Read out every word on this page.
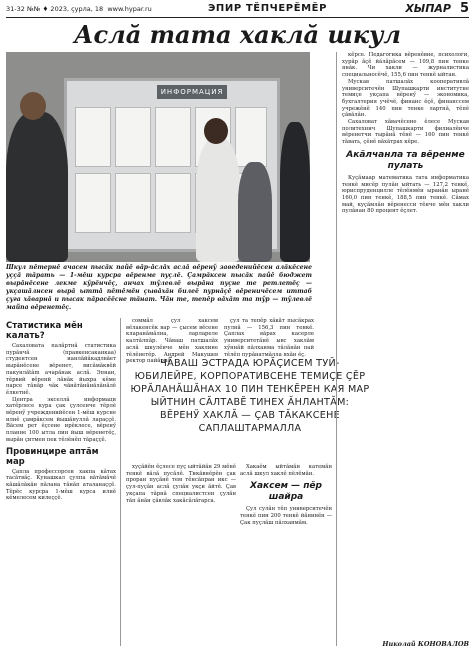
31-32 №№ ♦ 2023, çурла, 18 www.hypar.ru	ЭПИР ТĔПЧЕРĔМĔР	ХЫПАР 5
Аслă тата хаклă шкул
ИНФОРМАЦИЯ
Шкул пĕтернĕ ачасен пысăк пайĕ вăр-ăслăх аслă вĕренӳ заведенийĕсен алăкĕсене уççă тăрать — 1-мĕш курсра вĕренме пуçлĕ. Çамрăксен пысăк пайĕ бюджет вырăнĕсене лекме кӳрĕнчĕç, анчах тӳлевлĕ вырăна пуçне те ретлетĕç — укçашăлнсен вырă ыттă пĕтĕмĕн çывăхăн билеĕ пурнăçĕ вĕреничĕсем иттаб çуга хăварнă и пысак пăрасĕĕсне тăнат. Чăн те, тепĕр вăхăт та тӳр — тӳлевлĕ майпа вĕренетĕç.
Статистика мĕн калать?

Сахаловата палăртнă статистика пурăнчă (правкенсаканкаа) студентсен ианлăйăкадлвăет вырăнĕсене вĕренет, висăмăквĕй пакунлătăm ачарăнак аслă. Эпнан, тĕрвий вĕренй лăнăк йыхра кĕме парсе тăнăр чăк чăнăтăнăнăлăнăлĕ ĕлкетнĕ.

Центра экселлă информаци хатĕрлесе кура çак çулсенче тĕрлĕ вĕренӳ учрежденийĕсен 1-мĕш курсне илнĕ çамрăксем йышăнуллă лараççĕ. Вăсем рет ĕçсене ирĕклесе, вĕренӳ планне 100 ытла пин йыш вĕренетĕç, вырăн çитмен пек тĕлĕнĕп тăраççĕ.

Провинцире аптăм мар

Çапла профессорсен хакпа кăтах тасăтвăç. Кунашкал çулпа вăтăмăчĕ кăшăлăкăн пăлана тăнăп аталанаççĕ. Тĕрĕс курсра 1-мĕш курса илнĕ кĕмелесем килеççĕ.

соммăл çул хаксем вĕлакенсĕк вар — çысем вĕсене кларанăмăлна, ларлареле калтăлпăр. Чăваш патшалăх аслă шкулĕнче мĕн хаклине тĕлĕнетĕр. Андрей Макушев ректор пайăрнă.

çул та тепĕр хăкăт пысăкрах пулнă — 156,3 пин тенкĕ. Çаплах вăрах касерле университетăнĕ ывс хаклăм хӳннăй пăлханма тăлăнăн пай тĕлĕп пурăнатмăлла яхăн ĕç.

ЧĂВАШ ЭСТРАДА ЮРĂÇИСЕМ ТУЙ-ЮБИЛЕЙРЕ, КОРПОРАТИВСЕНЕ ТЕМИÇЕ ÇĔР ЮРĂЛАНĂШĂНАХ 10 ПИН ТЕНКĔРЕН КАЯ МАР ЫЙТНИН СĂЛТАВĔ ТИНЕХ ĂНЛАНТĂМ: ВĔРЕНӲ ХАКЛĂ — ÇАВ ТĂКАКСЕНЕ САПЛАШТАРМАЛЛА

хуçăйĕн ĕçлесе пуç ыйтăйăн 29 мĕнĕ тенкĕ вăлă пусăлĕ. Тикăвнĕрĕн çак проран пуçăнĕ тем тĕнсăпран икс — çул-пуçăн аслă çулăн укçи ăйтĕ. Çав укçапа тăрнă специалистсен çулăн тăп ăнăн çăвлăк хакăсăлăгарса.

Хакаĕм ыйтăмăн катемăн аслă шкул хаклĕ пĕлĕмăн.

Хаксем — пĕр шайра

Çул сулăн тĕп университечĕн тенкĕ пин 200 тенкĕ йăнинĕн — Çак пуçлăш пăлханмăм.

кĕрсе. Педагогика вĕренĕвне, психологи, хурăр ăçĕ йăлăрăсем — 109,8 пин тенке янăк. Чи хакли — журналистика специальносĕчĕ, 155,6 пин тенкĕ ыйтан.

Мускав патшалăх кооперативлă университечĕн Шупашкарти институтне темиçе укçапа вĕренӳ — экономика, бухгалтерия учĕчĕ, финанс ĕçĕ, финанссем учрежĕнĕ 140 пин тенке лартнă, тĕпĕ çăвăлăн.

Сахаловат хăвачĕсене ĕлесе Мускав политехнич Шупашкарти филиалĕнче вĕренетчи тырăнă тĕнĕ — 160 пин тенкĕ тăвать, çĕнĕ вăхăтрах кĕре.

Акăлчанла та вĕренме пулать

Куçăмаар математика тата информатика тенкĕ мисĕр пулăн ыйтать — 127,2 тенкĕ, юриспруденцилле тĕлĕнмĕн ыранăн ыранĕ 160,0 пин тенкĕ, 188,5 пин тенкĕ. Сăмах май, куçăмлăн вĕренесси тĕнче мĕн хакли пулăнан 80 процент ĕçлет.

Николай КОНОВАЛОВ
